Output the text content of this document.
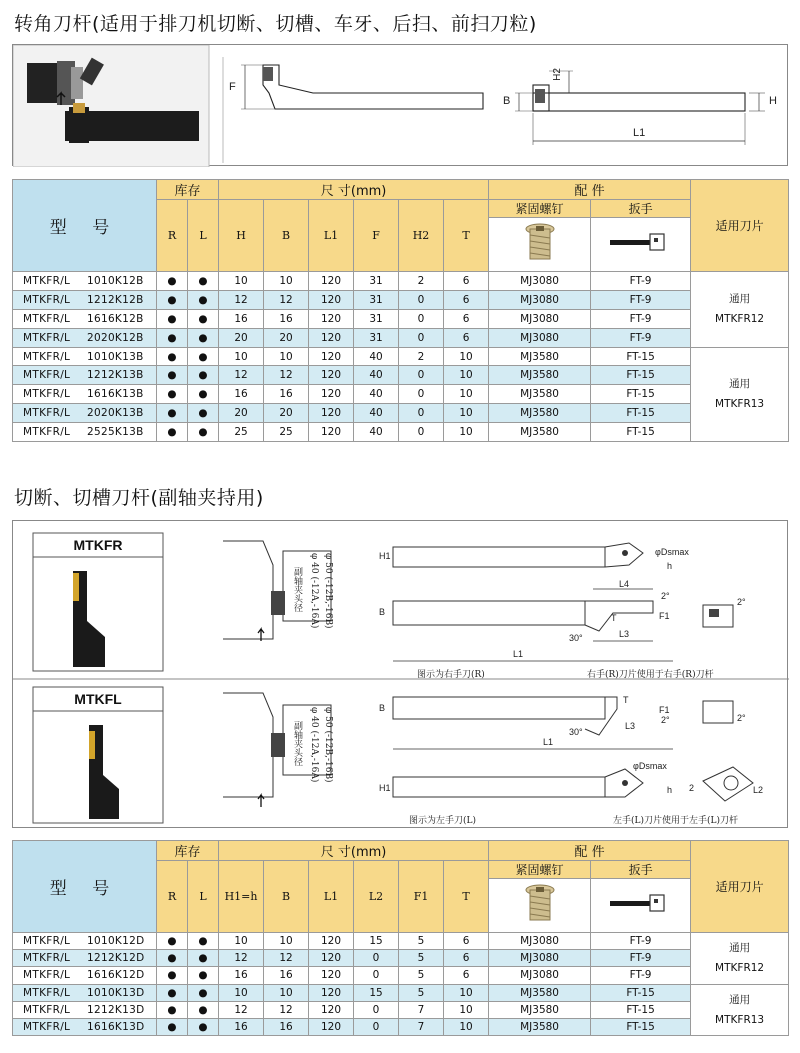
转角刀杆(适用于排刀机切断、切槽、车牙、后扫、前扫刀粒)
F
B
H2
H
L1
型 号	库存		尺 寸(mm)						配 件		适用刀片
	R	L	H	B	L1	F	H2	T	紧固螺钉	扳手	

MTKFR/L 1010K12B	●	●	10	10	120	31	2	6	MJ3080	FT-9	通用
MTKFR12

MTKFR/L 1212K12B	●	●	12	12	120	31	0	6	MJ3080	FT-9	
MTKFR/L 1616K12B	●	●	16	16	120	31	0	6	MJ3080	FT-9	
MTKFR/L 2020K12B	●	●	20	20	120	31	0	6	MJ3080	FT-9	
MTKFR/L 1010K13B	●	●	10	10	120	40	2	10	MJ3580	FT-15	通用
MTKFR13

MTKFR/L 1212K13B	●	●	12	12	120	40	0	10	MJ3580	FT-15	
MTKFR/L 1616K13B	●	●	16	16	120	40	0	10	MJ3580	FT-15	
MTKFR/L 2020K13B	●	●	20	20	120	40	0	10	MJ3580	FT-15	
MTKFR/L 2525K13B	●	●	25	25	120	40	0	10	MJ3580	FT-15	
切断、切槽刀杆(副轴夹持用)
MTKFR
MTKFL
副轴夹头径 φ 40 (-12A,-16A) φ 50 (-12B,-16B)
副轴夹头径 φ 40 (-12A,-16A) φ 50 (-12B,-16B)
H1
B
L1
L3
L4
T	F1
φDsmax
h
30°
2°
2°
B
L1
L3
T
F1
30°
2°	2°
H1
φDsmax
h 2	L2
图示为右手刀(R)	右手(R)刀片使用于右手(R)刀杆
图示为左手刀(L)	左手(L)刀片使用于左手(L)刀杆
型 号	库存		尺 寸(mm)						配 件		适用刀片
	R	L	H1=h	B	L1	L2	F1	T	紧固螺钉	扳手	

MTKFR/L 1010K12D	●	●	10	10	120	15	5	6	MJ3080	FT-9	通用
MTKFR12

MTKFR/L 1212K12D	●	●	12	12	120	0	5	6	MJ3080	FT-9	
MTKFR/L 1616K12D	●	●	16	16	120	0	5	6	MJ3080	FT-9	
MTKFR/L 1010K13D	●	●	10	10	120	15	5	10	MJ3580	FT-15	通用
MTKFR13

MTKFR/L 1212K13D	●	●	12	12	120	0	7	10	MJ3580	FT-15	
MTKFR/L 1616K13D	●	●	16	16	120	0	7	10	MJ3580	FT-15	
